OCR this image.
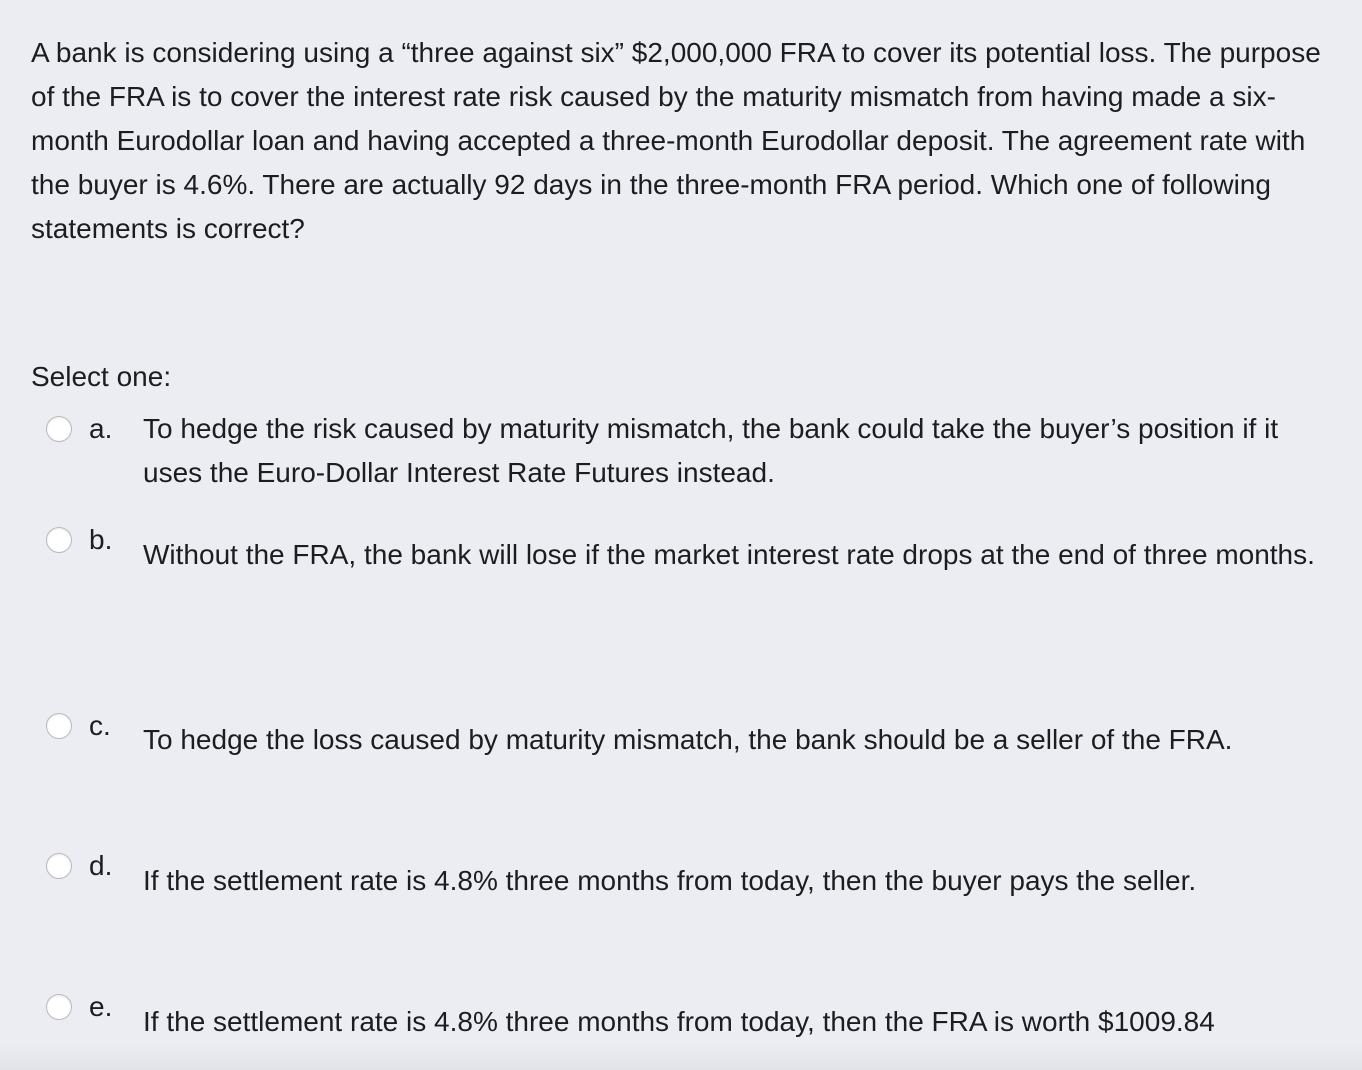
A bank is considering using a “three against six” $2,000,000 FRA to cover its potential loss. The purpose of the FRA is to cover the interest rate risk caused by the maturity mismatch from having made a six-month Eurodollar loan and having accepted a three-month Eurodollar deposit. The agreement rate with the buyer is 4.6%. There are actually 92 days in the three-month FRA period. Which one of following statements is correct?
Select one:
a. To hedge the risk caused by maturity mismatch, the bank could take the buyer’s position if it uses the Euro-Dollar Interest Rate Futures instead.
b. Without the FRA, the bank will lose if the market interest rate drops at the end of three months.
c. To hedge the loss caused by maturity mismatch, the bank should be a seller of the FRA.
d. If the settlement rate is 4.8% three months from today, then the buyer pays the seller.
e. If the settlement rate is 4.8% three months from today, then the FRA is worth $1009.84
